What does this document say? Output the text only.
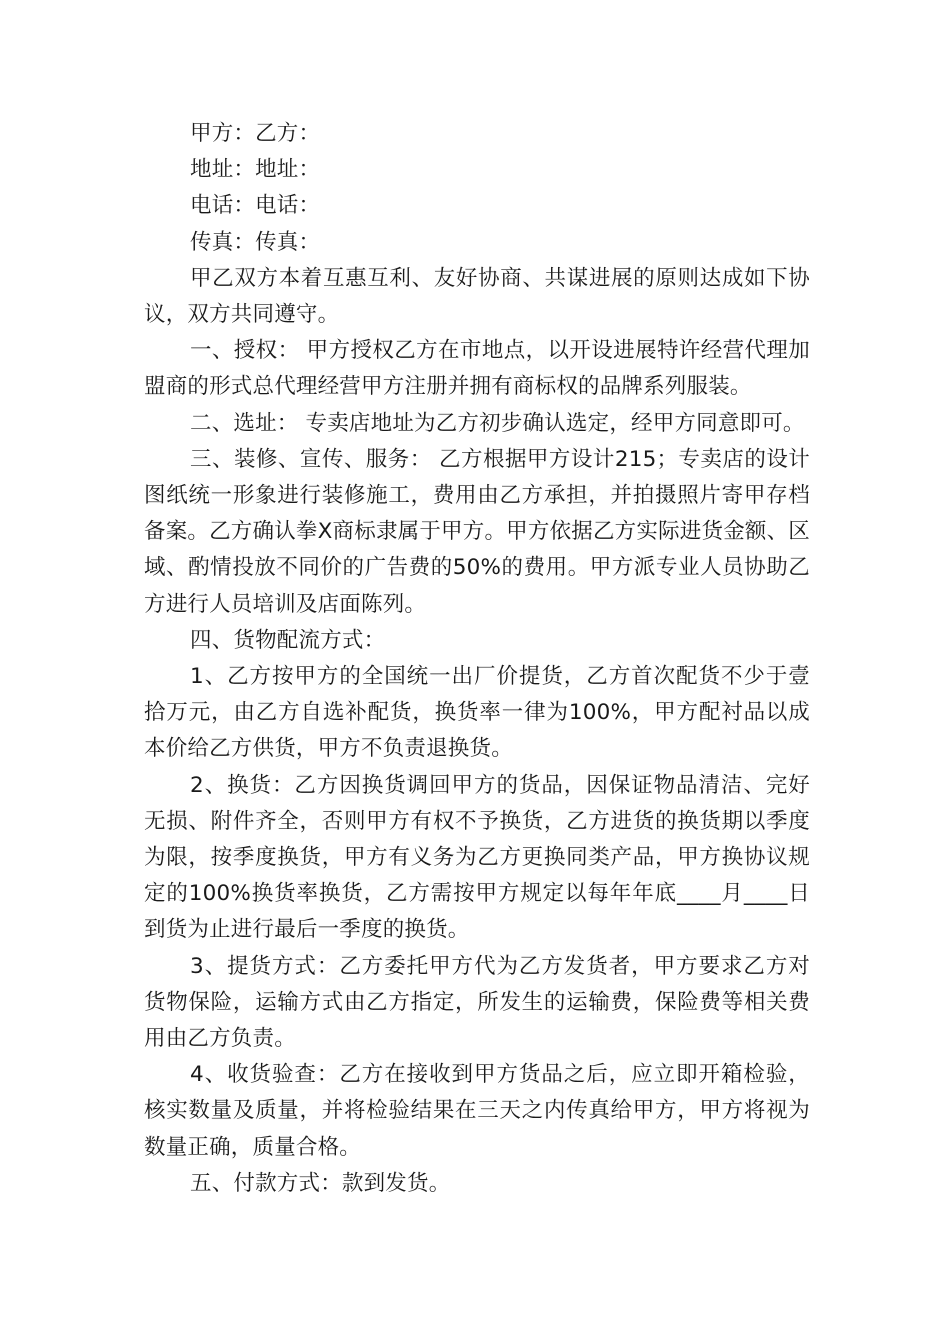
甲方：乙方：

地址：地址：

电话：电话：

传真：传真：

甲乙双方本着互惠互利、友好协商、共谋进展的原则达成如下协议，双方共同遵守。

一、授权： 甲方授权乙方在市地点，以开设进展特许经营代理加盟商的形式总代理经营甲方注册并拥有商标权的品牌系列服装。

二、选址： 专卖店地址为乙方初步确认选定，经甲方同意即可。

三、装修、宣传、服务： 乙方根据甲方设计215；专卖店的设计图纸统一形象进行装修施工，费用由乙方承担，并拍摄照片寄甲存档备案。乙方确认拳X商标隶属于甲方。甲方依据乙方实际进货金额、区域、酌情投放不同价的广告费的50%的费用。甲方派专业人员协助乙方进行人员培训及店面陈列。

四、货物配流方式：

1、乙方按甲方的全国统一出厂价提货，乙方首次配货不少于壹拾万元，由乙方自选补配货，换货率一律为100%，甲方配衬品以成本价给乙方供货，甲方不负责退换货。

2、换货：乙方因换货调回甲方的货品，因保证物品清洁、完好无损、附件齐全，否则甲方有权不予换货，乙方进货的换货期以季度为限，按季度换货，甲方有义务为乙方更换同类产品，甲方换协议规定的100%换货率换货，乙方需按甲方规定以每年年底____月____日到货为止进行最后一季度的换货。

3、提货方式：乙方委托甲方代为乙方发货者，甲方要求乙方对货物保险，运输方式由乙方指定，所发生的运输费，保险费等相关费用由乙方负责。

4、收货验查：乙方在接收到甲方货品之后，应立即开箱检验，核实数量及质量，并将检验结果在三天之内传真给甲方，甲方将视为数量正确，质量合格。

五、付款方式：款到发货。
